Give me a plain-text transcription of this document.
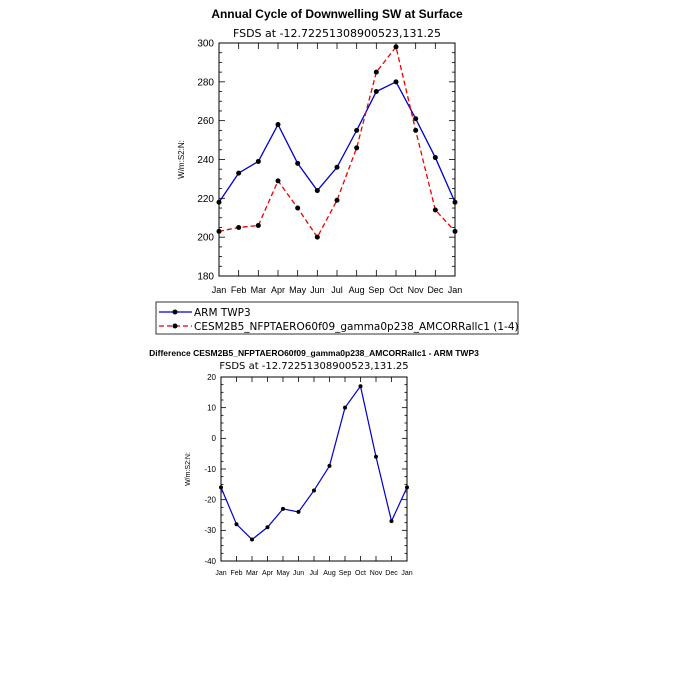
Annual Cycle of Downwelling SW at Surface
FSDS at -12.72251308900523,131.25
180
200
220
240
260
280
300
Jan Feb Mar Apr May Jun Jul Aug Sep Oct Nov Dec Jan
W/m:S2:N:
ARM TWP3
CESM2B5_NFPTAERO60f09_gamma0p238_AMCORRallc1 (1-4)
Difference CESM2B5_NFPTAERO60f09_gamma0p238_AMCORRallc1 - ARM TWP3
FSDS at -12.72251308900523,131.25
-40
-30
-20
-10
0
10
20
Jan Feb Mar Apr May Jun Jul Aug Sep Oct Nov Dec Jan
W/m:S2:N:
